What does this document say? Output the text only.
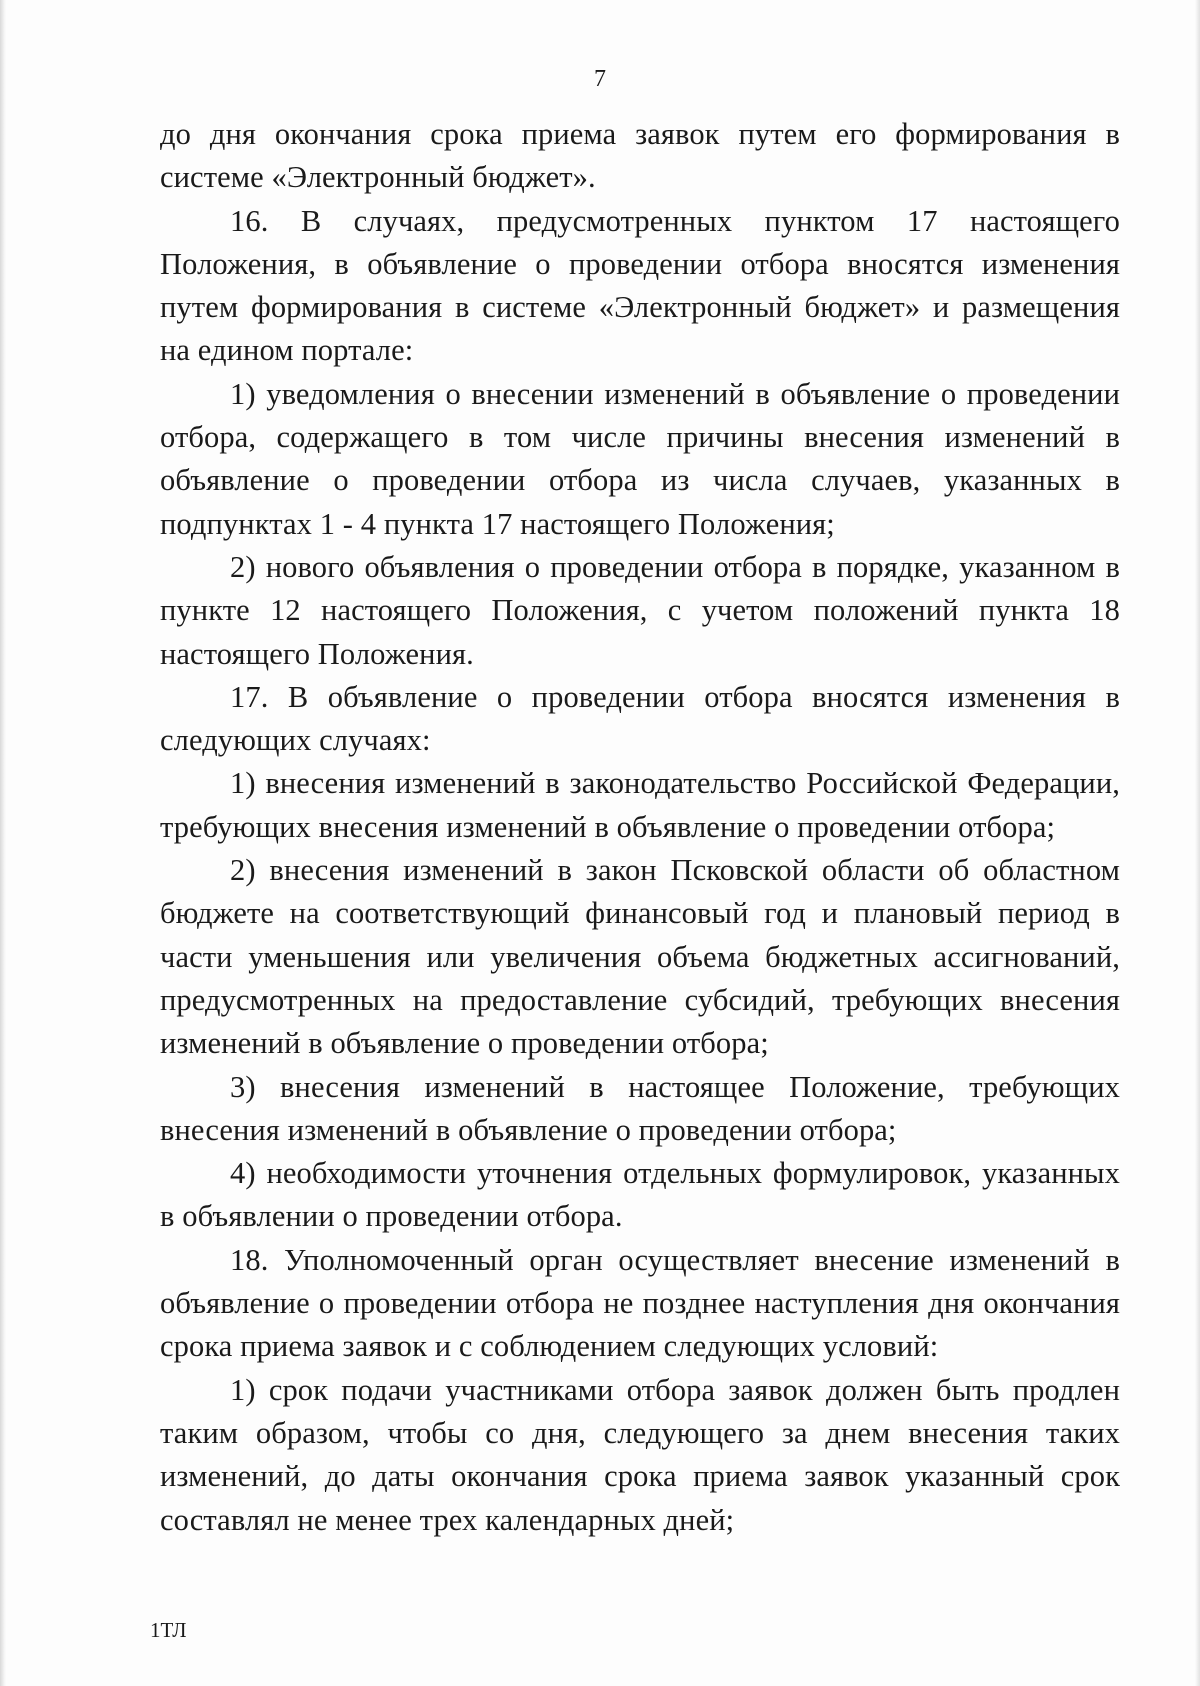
7

до дня окончания срока приема заявок путем его формирования в системе «Электронный бюджет».

16. В случаях, предусмотренных пунктом 17 настоящего Положения, в объявление о проведении отбора вносятся изменения путем формирования в системе «Электронный бюджет» и размещения на едином портале:

1) уведомления о внесении изменений в объявление о проведении отбора, содержащего в том числе причины внесения изменений в объявление о проведении отбора из числа случаев, указанных в подпунктах 1 - 4 пункта 17 настоящего Положения;

2) нового объявления о проведении отбора в порядке, указанном в пункте 12 настоящего Положения, с учетом положений пункта 18 настоящего Положения.

17. В объявление о проведении отбора вносятся изменения в следующих случаях:

1) внесения изменений в законодательство Российской Федерации, требующих внесения изменений в объявление о проведении отбора;

2) внесения изменений в закон Псковской области об областном бюджете на соответствующий финансовый год и плановый период в части уменьшения или увеличения объема бюджетных ассигнований, предусмотренных на предоставление субсидий, требующих внесения изменений в объявление о проведении отбора;

3) внесения изменений в настоящее Положение, требующих внесения изменений в объявление о проведении отбора;

4) необходимости уточнения отдельных формулировок, указанных в объявлении о проведении отбора.

18. Уполномоченный орган осуществляет внесение изменений в объявление о проведении отбора не позднее наступления дня окончания срока приема заявок и с соблюдением следующих условий:

1) срок подачи участниками отбора заявок должен быть продлен таким образом, чтобы со дня, следующего за днем внесения таких изменений, до даты окончания срока приема заявок указанный срок составлял не менее трех календарных дней;

1ТЛ
